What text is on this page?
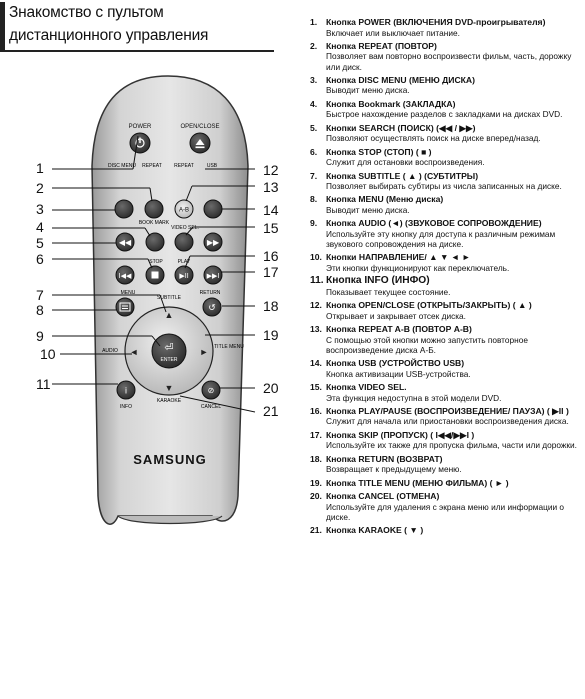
Знакомство с пультом
дистанционного управления
POWER	OPEN/CLOSE
DISC MENU REPEAT REPEAT	USB
A-B
BOOK MARK
VIDEO SEL.
◀◀	▶▶
STOP	PLAY
I◀◀	▶II	▶▶I
MENU
SUBTITLE
RETURN
↺
▲
▼
◄	►
⏎
ENTER
AUDIO
TITLE MENU
i
INFO
KARAOKE
⊘
CANCEL
SAMSUNG
1
2
3
4
5
6
7
8
9
10
11
12
13
14
15
16
17
18
19
20
21
1.	Кнопка POWER (ВКЛЮЧЕНИЯ DVD-проигрывателя)
Включает или выключает питание.
2.	Кнопка REPEAT (ПОВТОР)
Позволяет вам повторно воспроизвести фильм, часть, дорожку или диск.
3.	Кнопка DISC MENU (МЕНЮ ДИСКА)
Выводит меню диска.
4.	Кнопка Bookmark (ЗАКЛАДКА)
Быстрое нахождение разделов с закладками на дисках DVD.
5.	Кнопки SEARCH (ПОИСК) (◀◀ / ▶▶)
Позволяют осуществлять поиск на диске вперед/назад.
6.	Кнопка STOP (СТОП) ( ■ )
Служит для остановки воспроизведения.
7.	Кнопка SUBTITLE ( ▲ ) (СУБТИТРЫ)
Позволяет выбирать субтиры из числа записанных на диске.
8.	Кнопка MENU (Меню диска)
Выводит меню диска.
9.	Кнопка AUDIO (◄) (ЗВУКОВОЕ СОПРОВОЖДЕНИЕ)
Используйте эту кнопку для доступа к различным режимам звукового сопровождения на диске.
10. Кнопки НАПРАВЛЕНИЕ/ ▲ ▼ ◄ ►
Эти кнопки функционируют как переключатель.
11. Кнопка INFO (ИНФО)
Показывает текущее состояние.
12. Кнопка OPEN/CLOSE (ОТКРЫТЬ/ЗАКРЫТЬ) ( ▲ )
Открывает и закрывает отсек диска.
13. Кнопка REPEAT A-B (ПОВТОР A-B)
С помощью этой кнопки можно запустить повторное воспроизведение диска A-Б.
14. Кнопка USB (УСТРОЙСТВО USB)
Кнопка активизации USB-устройства.
15. Кнопка VIDEO SEL.
Эта функция недоступна в этой модели DVD.
16. Кнопка PLAY/PAUSE (ВОСПРОИЗВЕДЕНИЕ/ ПАУЗА) ( ▶II )
Служит для начала или приостановки воспроизведения диска.
17. Кнопка SKIP (ПРОПУСК) ( I◀◀/▶▶I )
Используйте их также для пропуска фильма, части или дорожки.
18. Кнопка RETURN (ВОЗВРАТ)
Возвращает к предыдущему меню.
19. Кнопка TITLE MENU (МЕНЮ ФИЛЬМА) ( ► )
20. Кнопка CANCEL (ОТМЕНА)
Используйте для удаления с экрана меню или информации о диске.
21. Кнопка KARAOKE ( ▼ )
